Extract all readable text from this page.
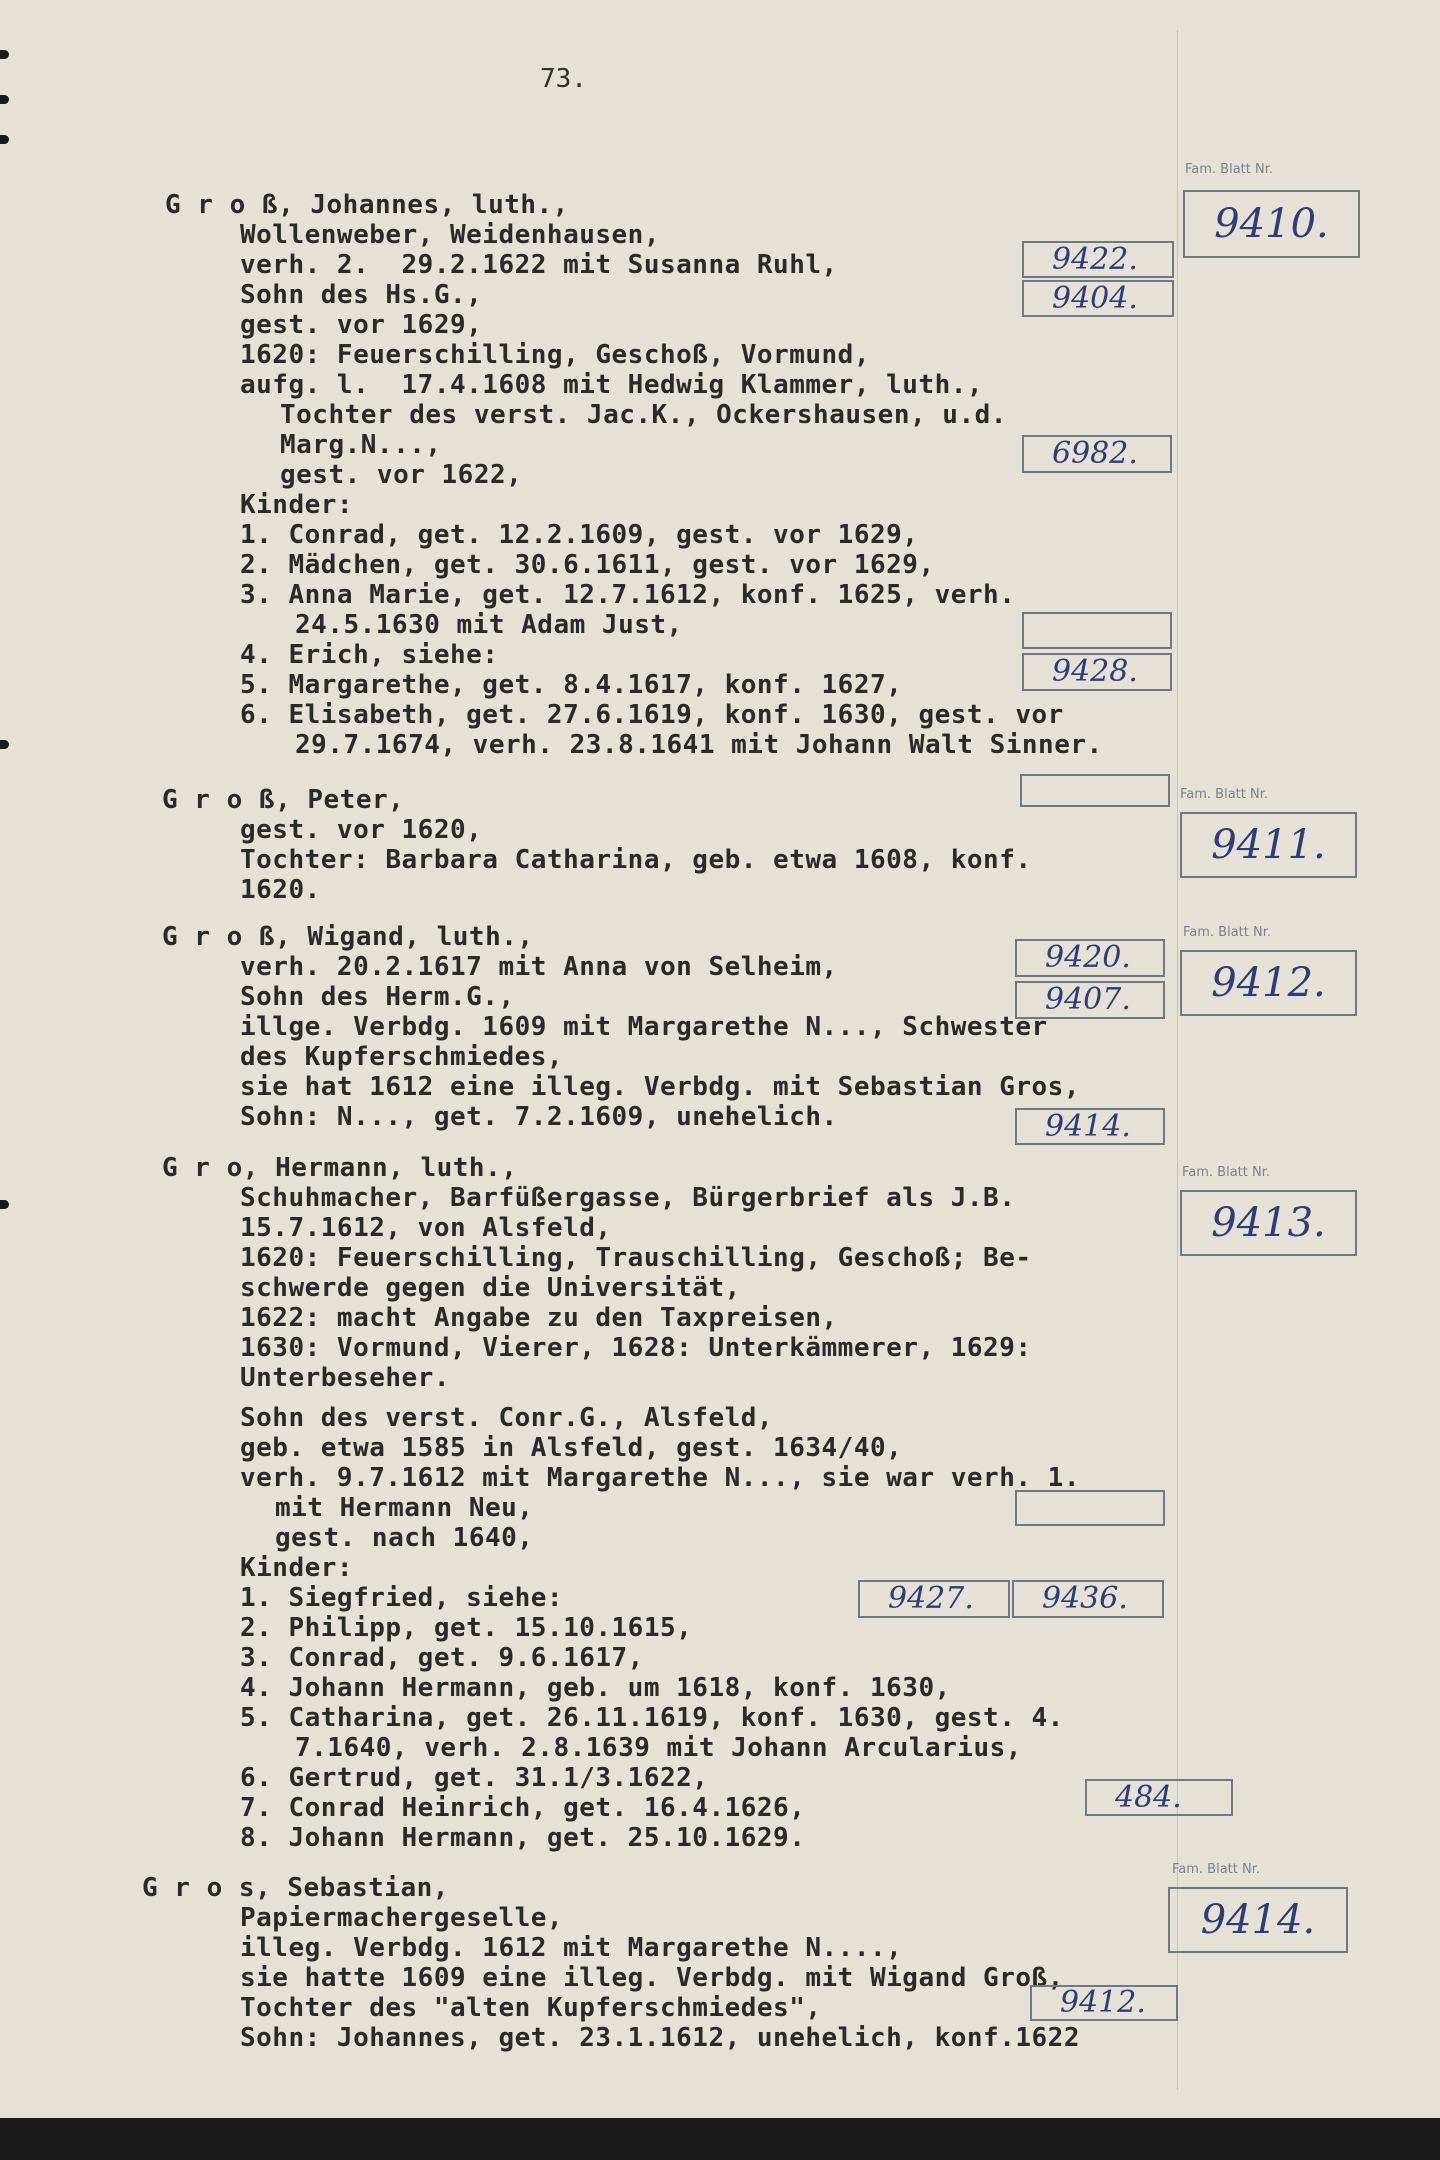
73.
G r o ß, Johannes, luth.,
Wollenweber, Weidenhausen,
verh. 2.  29.2.1622 mit Susanna Ruhl,
Sohn des Hs.G.,
gest. vor 1629,
1620: Feuerschilling, Geschoß, Vormund,
aufg. l.  17.4.1608 mit Hedwig Klammer, luth.,
Tochter des verst. Jac.K., Ockershausen, u.d.
Marg.N...,
gest. vor 1622,
Kinder:
1. Conrad, get. 12.2.1609, gest. vor 1629,
2. Mädchen, get. 30.6.1611, gest. vor 1629,
3. Anna Marie, get. 12.7.1612, konf. 1625, verh.
24.5.1630 mit Adam Just,
4. Erich, siehe:
5. Margarethe, get. 8.4.1617, konf. 1627,
6. Elisabeth, get. 27.6.1619, konf. 1630, gest. vor
29.7.1674, verh. 23.8.1641 mit Johann Walt Sinner.
Fam. Blatt Nr.
9410.
9422.
9404.
6982.
9428.
G r o ß, Peter,
gest. vor 1620,
Tochter: Barbara Catharina, geb. etwa 1608, konf.
1620.
Fam. Blatt Nr.
9411.
G r o ß, Wigand, luth.,
verh. 20.2.1617 mit Anna von Selheim,
Sohn des Herm.G.,
illge. Verbdg. 1609 mit Margarethe N..., Schwester
des Kupferschmiedes,
sie hat 1612 eine illeg. Verbdg. mit Sebastian Gros,
Sohn: N..., get. 7.2.1609, unehelich.
Fam. Blatt Nr.
9412.
9420.
9407.
9414.
G r o, Hermann, luth.,
Schuhmacher, Barfüßergasse, Bürgerbrief als J.B.
15.7.1612, von Alsfeld,
1620: Feuerschilling, Trauschilling, Geschoß; Be-
schwerde gegen die Universität,
1622: macht Angabe zu den Taxpreisen,
1630: Vormund, Vierer, 1628: Unterkämmerer, 1629:
Unterbeseher.
Sohn des verst. Conr.G., Alsfeld,
geb. etwa 1585 in Alsfeld, gest. 1634/40,
verh. 9.7.1612 mit Margarethe N..., sie war verh. 1.
mit Hermann Neu,
gest. nach 1640,
Kinder:
1. Siegfried, siehe:
2. Philipp, get. 15.10.1615,
3. Conrad, get. 9.6.1617,
4. Johann Hermann, geb. um 1618, konf. 1630,
5. Catharina, get. 26.11.1619, konf. 1630, gest. 4.
7.1640, verh. 2.8.1639 mit Johann Arcularius,
6. Gertrud, get. 31.1/3.1622,
7. Conrad Heinrich, get. 16.4.1626,
8. Johann Hermann, get. 25.10.1629.
Fam. Blatt Nr.
9413.
9427.	9436.
484.
G r o s, Sebastian,
Papiermachergeselle,
illeg. Verbdg. 1612 mit Margarethe N....,
sie hatte 1609 eine illeg. Verbdg. mit Wigand Groß,
Tochter des "alten Kupferschmiedes",
Sohn: Johannes, get. 23.1.1612, unehelich, konf.1622
Fam. Blatt Nr.
9414.
9412.
